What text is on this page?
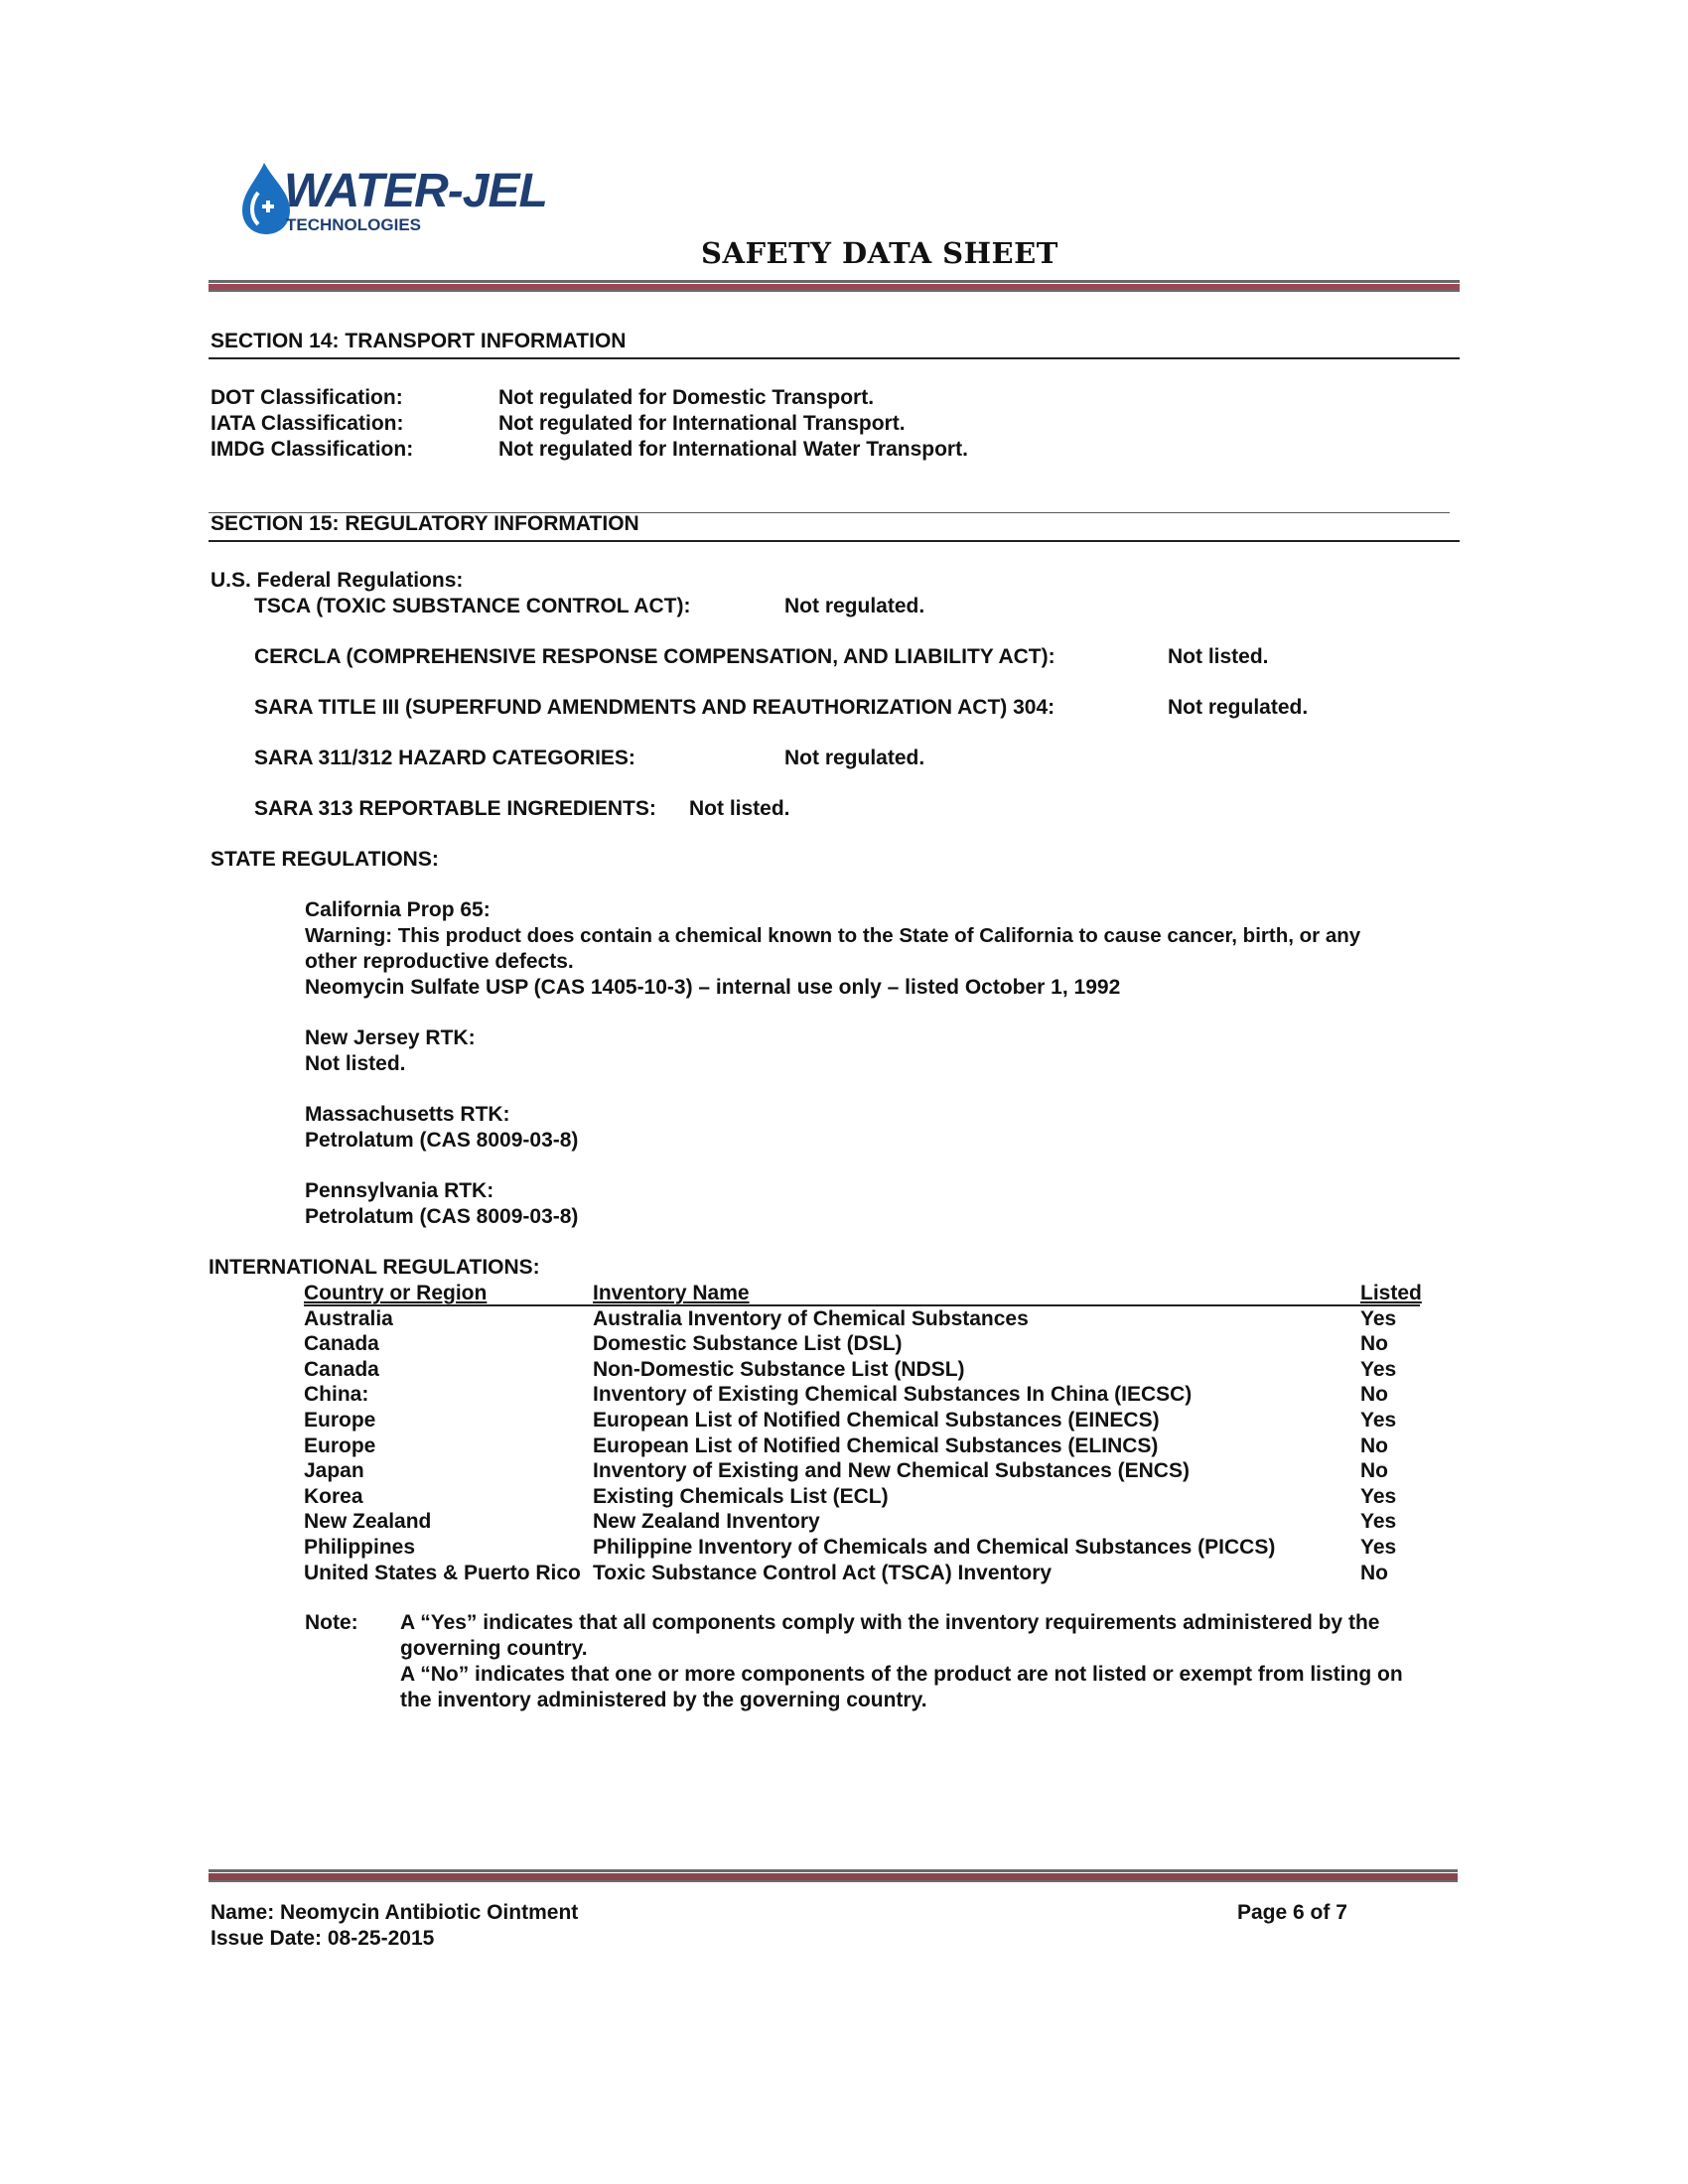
WATER-JEL
TECHNOLOGIES
SAFETY DATA SHEET
SECTION 14: TRANSPORT INFORMATION
DOT Classification:	Not regulated for Domestic Transport.
IATA Classification:	Not regulated for International Transport.
IMDG Classification:	Not regulated for International Water Transport.
SECTION 15: REGULATORY INFORMATION
U.S. Federal Regulations:
TSCA (TOXIC SUBSTANCE CONTROL ACT):	Not regulated.
CERCLA (COMPREHENSIVE RESPONSE COMPENSATION, AND LIABILITY ACT):	Not listed.
SARA TITLE III (SUPERFUND AMENDMENTS AND REAUTHORIZATION ACT) 304:	Not regulated.
SARA 311/312 HAZARD CATEGORIES:	Not regulated.
SARA 313 REPORTABLE INGREDIENTS: Not listed.
STATE REGULATIONS:
California Prop 65:
Warning: This product does contain a chemical known to the State of California to cause cancer, birth, or any
other reproductive defects.
Neomycin Sulfate USP (CAS 1405-10-3) – internal use only – listed October 1, 1992
New Jersey RTK:
Not listed.
Massachusetts RTK:
Petrolatum (CAS 8009-03-8)
Pennsylvania RTK:
Petrolatum (CAS 8009-03-8)
INTERNATIONAL REGULATIONS:
Country or Region	Inventory Name	Listed
Australia	Australia Inventory of Chemical Substances	Yes
Canada	Domestic Substance List (DSL)	No
Canada	Non-Domestic Substance List (NDSL)	Yes
China:	Inventory of Existing Chemical Substances In China (IECSC)	No
Europe	European List of Notified Chemical Substances (EINECS)	Yes
Europe	European List of Notified Chemical Substances (ELINCS)	No
Japan	Inventory of Existing and New Chemical Substances (ENCS)	No
Korea	Existing Chemicals List (ECL)	Yes
New Zealand	New Zealand Inventory	Yes
Philippines	Philippine Inventory of Chemicals and Chemical Substances (PICCS)	Yes
United States & Puerto Rico	Toxic Substance Control Act (TSCA) Inventory	No
Note: A “Yes” indicates that all components comply with the inventory requirements administered by the
governing country.
A “No” indicates that one or more components of the product are not listed or exempt from listing on
the inventory administered by the governing country.
Name: Neomycin Antibiotic Ointment
Issue Date: 08-25-2015
Page 6 of 7
